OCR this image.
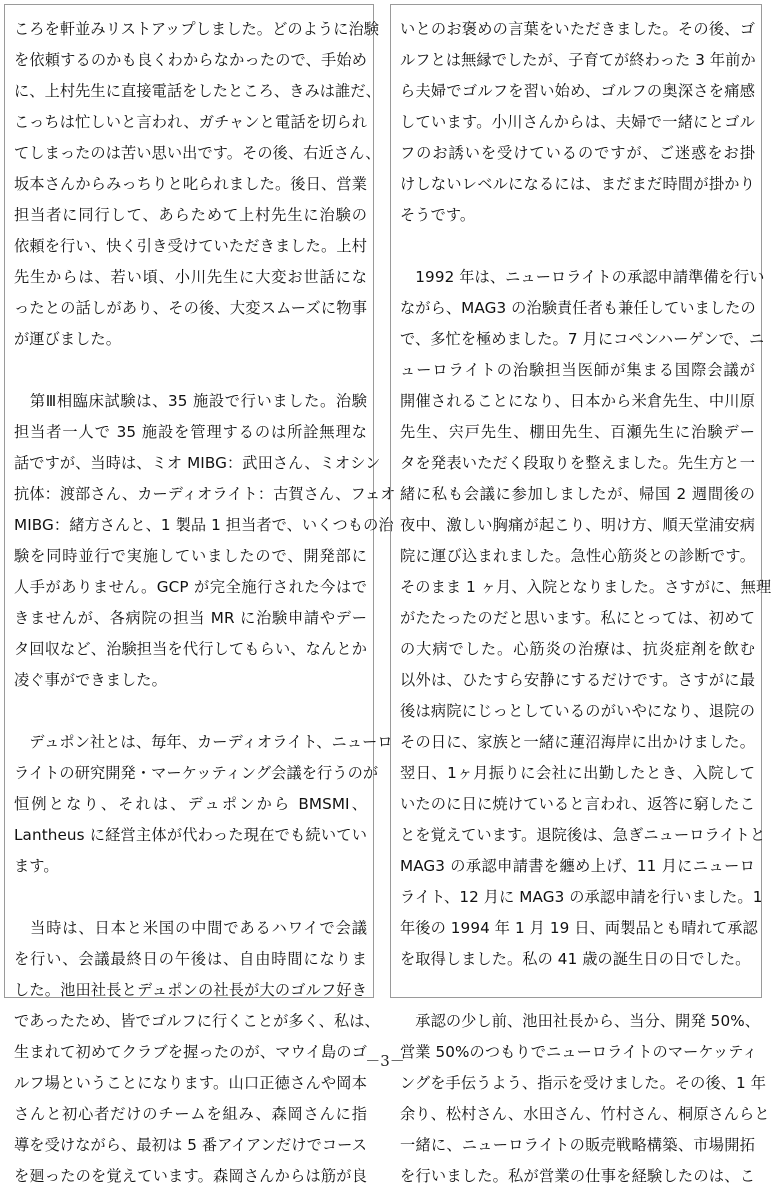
ころを軒並みリストアップしました。どのように治験
を依頼するのかも良くわからなかったので、手始め
に、上村先生に直接電話をしたところ、きみは誰だ、
こっちは忙しいと言われ、ガチャンと電話を切られ
てしまったのは苦い思い出です。その後、右近さん、
坂本さんからみっちりと叱られました。後日、営業
担当者に同行して、あらためて上村先生に治験の
依頼を行い、快く引き受けていただきました。上村
先生からは、若い頃、小川先生に大変お世話にな
ったとの話しがあり、その後、大変スムーズに物事
が運びました。
　第Ⅲ相臨床試験は、35 施設で行いました。治験
担当者一人で 35 施設を管理するのは所詮無理な
話ですが、当時は、ミオ MIBG：武田さん、ミオシン
抗体：渡部さん、カーディオライト：古賀さん、フェオ
MIBG：緒方さんと、1 製品 1 担当者で、いくつもの治
験を同時並行で実施していましたので、開発部に
人手がありません。GCP が完全施行された今はで
きませんが、各病院の担当 MR に治験申請やデー
タ回収など、治験担当を代行してもらい、なんとか
凌ぐ事ができました。
　デュポン社とは、毎年、カーディオライト、ニューロ
ライトの研究開発・マーケッティング会議を行うのが
恒例となり、それは、デュポンから BMSMI、
Lantheus に経営主体が代わった現在でも続いてい
ます。
　当時は、日本と米国の中間であるハワイで会議
を行い、会議最終日の午後は、自由時間になりま
した。池田社長とデュポンの社長が大のゴルフ好き
であったため、皆でゴルフに行くことが多く、私は、
生まれて初めてクラブを握ったのが、マウイ島のゴ
ルフ場ということになります。山口正徳さんや岡本
さんと初心者だけのチームを組み、森岡さんに指
導を受けながら、最初は 5 番アイアンだけでコース
を廻ったのを覚えています。森岡さんからは筋が良
いとのお褒めの言葉をいただきました。その後、ゴ
ルフとは無縁でしたが、子育てが終わった 3 年前か
ら夫婦でゴルフを習い始め、ゴルフの奥深さを痛感
しています。小川さんからは、夫婦で一緒にとゴル
フのお誘いを受けているのですが、ご迷惑をお掛
けしないレベルになるには、まだまだ時間が掛かり
そうです。
　1992 年は、ニューロライトの承認申請準備を行い
ながら、MAG3 の治験責任者も兼任していましたの
で、多忙を極めました。7 月にコペンハーゲンで、ニ
ューロライトの治験担当医師が集まる国際会議が
開催されることになり、日本から米倉先生、中川原
先生、宍戸先生、棚田先生、百瀬先生に治験デー
タを発表いただく段取りを整えました。先生方と一
緒に私も会議に参加しましたが、帰国 2 週間後の
夜中、激しい胸痛が起こり、明け方、順天堂浦安病
院に運び込まれました。急性心筋炎との診断です。
そのまま 1 ヶ月、入院となりました。さすがに、無理
がたたったのだと思います。私にとっては、初めて
の大病でした。心筋炎の治療は、抗炎症剤を飲む
以外は、ひたすら安静にするだけです。さすがに最
後は病院にじっとしているのがいやになり、退院の
その日に、家族と一緒に蓮沼海岸に出かけました。
翌日、1ヶ月振りに会社に出勤したとき、入院して
いたのに日に焼けていると言われ、返答に窮したこ
とを覚えています。退院後は、急ぎニューロライトと
MAG3 の承認申請書を纏め上げ、11 月にニューロ
ライト、12 月に MAG3 の承認申請を行いました。1
年後の 1994 年 1 月 19 日、両製品とも晴れて承認
を取得しました。私の 41 歳の誕生日の日でした。
　承認の少し前、池田社長から、当分、開発 50%、
営業 50%のつもりでニューロライトのマーケッティ
ングを手伝うよう、指示を受けました。その後、1 年
余り、松村さん、水田さん、竹村さん、桐原さんらと
一緒に、ニューロライトの販売戦略構築、市場開拓
を行いました。私が営業の仕事を経験したのは、こ
－3－
